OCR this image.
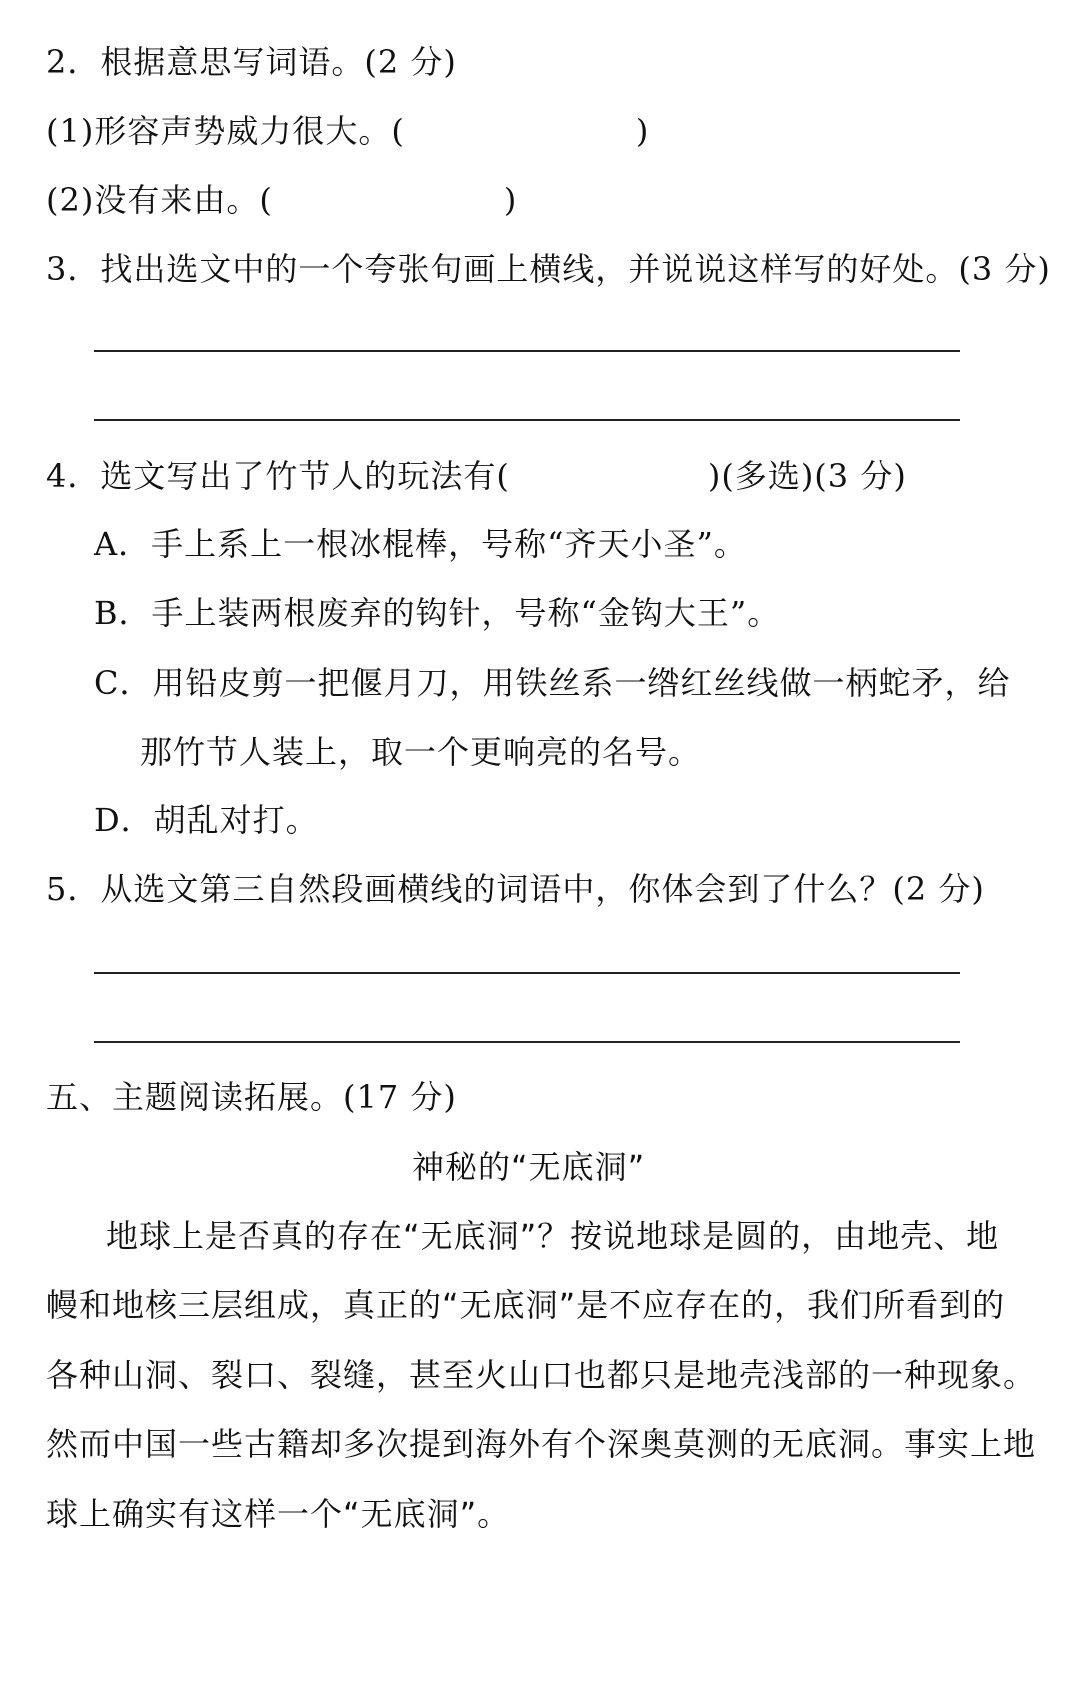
2．根据意思写词语。(2 分)
(1)形容声势威力很大。(　　　　　　　)
(2)没有来由。(　　　　　　　)
3．找出选文中的一个夸张句画上横线，并说说这样写的好处。(3 分)
4．选文写出了竹节人的玩法有(　　　　　　)(多选)(3 分)
A．手上系上一根冰棍棒，号称“齐天小圣”。
B．手上装两根废弃的钩针，号称“金钩大王”。
C．用铅皮剪一把偃月刀，用铁丝系一绺红丝线做一柄蛇矛，给
那竹节人装上，取一个更响亮的名号。
D．胡乱对打。
5．从选文第三自然段画横线的词语中，你体会到了什么？(2 分)
五、主题阅读拓展。(17 分)
神秘的“无底洞”
地球上是否真的存在“无底洞”？按说地球是圆的，由地壳、地
幔和地核三层组成，真正的“无底洞”是不应存在的，我们所看到的
各种山洞、裂口、裂缝，甚至火山口也都只是地壳浅部的一种现象。
然而中国一些古籍却多次提到海外有个深奥莫测的无底洞。事实上地
球上确实有这样一个“无底洞”。
